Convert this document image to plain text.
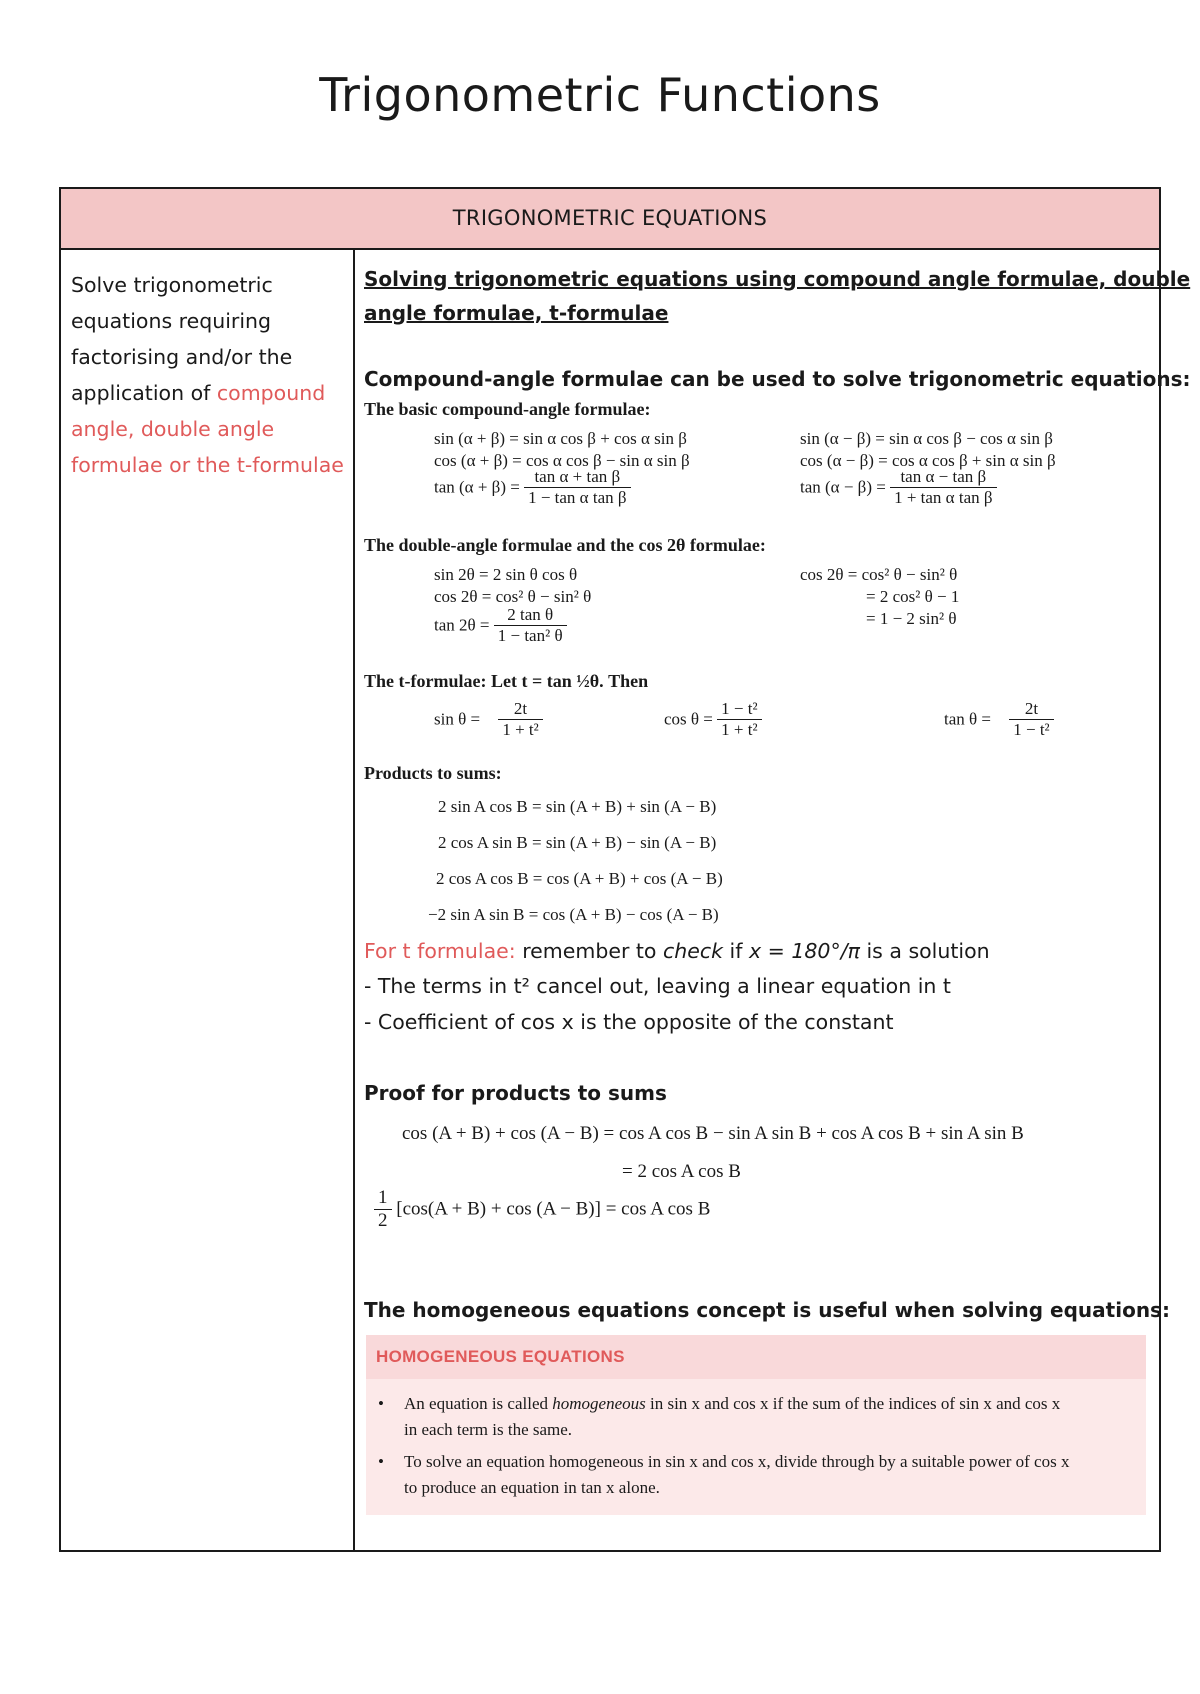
Trigonometric Functions
TRIGONOMETRIC EQUATIONS
Solve trigonometric
equations requiring
factorising and/or the
application of compound
angle, double angle
formulae or the t-formulae
Solving trigonometric equations using compound angle formulae, double
angle formulae, t-formulae
Compound-angle formulae can be used to solve trigonometric equations:
The basic compound-angle formulae:
sin (α + β) = sin α cos β + cos α sin β
cos (α + β) = cos α cos β − sin α sin β
$\tan (\alpha + \beta) = \frac{\text{tan α + tan β}}{\text{1 − tan α tan β}}$
sin (α − β) = sin α cos β − cos α sin β
cos (α − β) = cos α cos β + sin α sin β
$\tan (\alpha - \beta) = \frac{\text{tan α − tan β}}{\text{1 + tan α tan β}}$
The double-angle formulae and the cos 2θ formulae:
sin 2θ = 2 sin θ cos θ
cos 2θ = cos² θ − sin² θ
$\tan 2\theta = \frac{\text{2 tan θ}}{\text{1 − tan² θ}}$
cos 2θ = cos² θ − sin² θ
= 2 cos² θ − 1
= 1 − 2 sin² θ
The t-formulae: Let t = tan ½θ. Then
$\sin \theta = \frac{2t}{\text{1 + t²}}$	$\cos \theta = \frac{\text{1 − t²}}{\text{1 + t²}}$	$\tan \theta = \frac{2t}{\text{1 − t²}}$
Products to sums:
2 sin A cos B = sin (A + B) + sin (A − B)
2 cos A sin B = sin (A + B) − sin (A − B)
2 cos A cos B = cos (A + B) + cos (A − B)
−2 sin A sin B = cos (A + B) − cos (A − B)
For t formulae: remember to check if x = 180°/π is a solution
- The terms in t² cancel out, leaving a linear equation in t
- Coefficient of cos x is the opposite of the constant
Proof for products to sums
cos (A + B) + cos (A − B) = cos A cos B − sin A sin B + cos A cos B + sin A sin B
= 2 cos A cos B
$\frac{1}{2} [\cos(A + B) + \cos (A - B)] = \cos A$ cos B
The homogeneous equations concept is useful when solving equations:
HOMOGENEOUS EQUATIONS
• An equation is called homogeneous in sin x and cos x if the sum of the indices of sin x and cos x
in each term is the same.
• To solve an equation homogeneous in sin x and cos x, divide through by a suitable power of cos x
to produce an equation in tan x alone.
